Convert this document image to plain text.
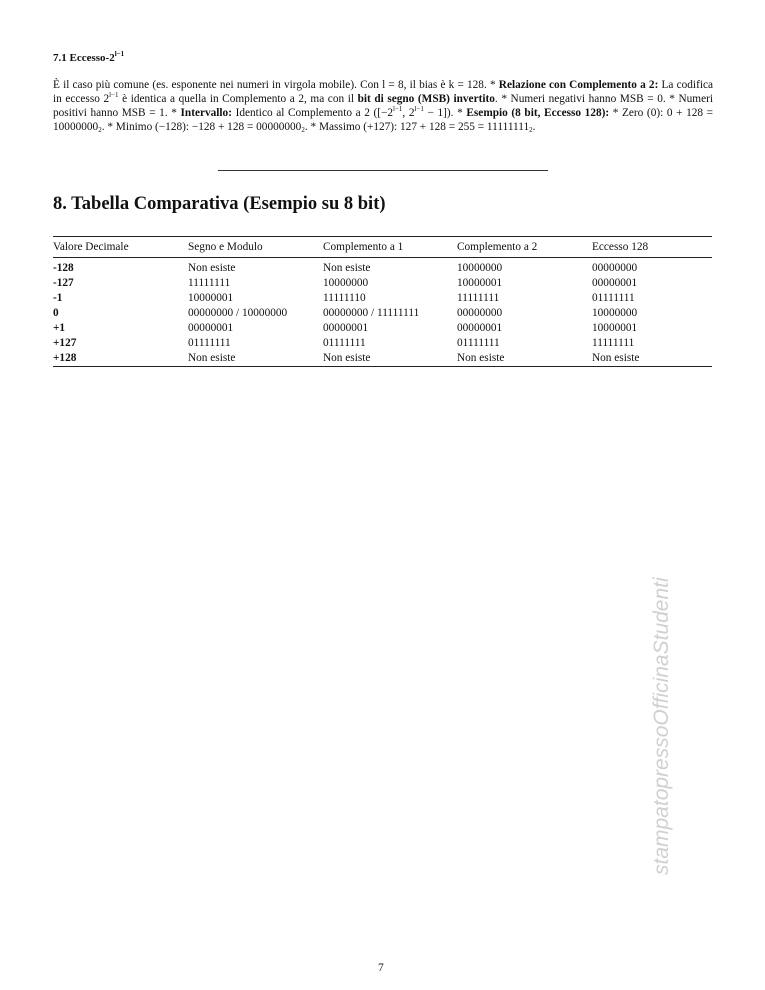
7.1 Eccesso-$2^{l-1}$
È il caso più comune (es. esponente nei numeri in virgola mobile). Con l = 8, il bias è k = 128. * Relazione con Complemento a 2: La codifica in eccesso $2^{l-1}$ è identica a quella in Complemento a 2, ma con il bit di segno (MSB) invertito. * Numeri negativi hanno MSB = 0. * Numeri positivi hanno MSB = 1. * Intervallo: Identico al Complemento a 2 ([$-2^{l-1}$, $2^{l-1} - 1$]). * Esempio (8 bit, Eccesso 128): * Zero (0): $0 + 128 = 10000000_2$. * Minimo (−128): $-128 + 128 = 00000000_2$. * Massimo (+127): $127 + 128 = 255 = 11111111_2$.
8. Tabella Comparativa (Esempio su 8 bit)
Valore Decimale	Segno e Modulo	Complemento a 1	Complemento a 2	Eccesso 128
-128	Non esiste	Non esiste	10000000	00000000
-127	11111111	10000000	10000001	00000001
-1	10000001	11111110	11111111	01111111
0	00000000 / 10000000	00000000 / 11111111	00000000	10000000
+1	00000001	00000001	00000001	10000001
+127	01111111	01111111	01111111	11111111
+128	Non esiste	Non esiste	Non esiste	Non esiste
stampatopressoOfficinaStudenti
7
